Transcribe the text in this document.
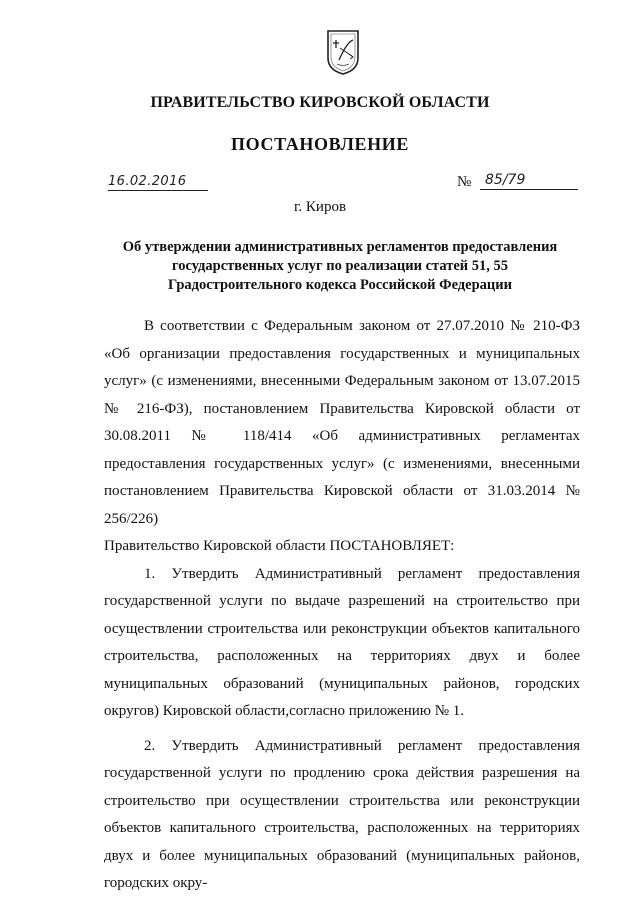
ПРАВИТЕЛЬСТВО КИРОВСКОЙ ОБЛАСТИ
ПОСТАНОВЛЕНИЕ
16.02.2016	№ 85/79
г. Киров
Об утверждении административных регламентов предоставления
государственных услуг по реализации статей 51, 55
Градостроительного кодекса Российской Федерации

В соответствии с Федеральным законом от 27.07.2010 № 210-ФЗ «Об организации предоставления государственных и муниципальных услуг» (с изменениями, внесенными Федеральным законом от 13.07.2015 № 216-ФЗ), постановлением Правительства Кировской области от 30.08.2011 № 118/414 «Об административных регламентах предоставления государственных услуг» (с изменениями, внесенными постановлением Правительства Кировской области от 31.03.2014 № 256/226)

Правительство Кировской области ПОСТАНОВЛЯЕТ:

1. Утвердить Административный регламент предоставления государственной услуги по выдаче разрешений на строительство при осуществлении строительства или реконструкции объектов капитального строительства, расположенных на территориях двух и более муниципальных образований (муниципальных районов, городских округов) Кировской области,согласно приложению № 1.

2. Утвердить Административный регламент предоставления государственной услуги по продлению срока действия разрешения на строительство при осуществлении строительства или реконструкции объектов капитального строительства, расположенных на территориях двух и более муниципальных образований (муниципальных районов, городских окру-
